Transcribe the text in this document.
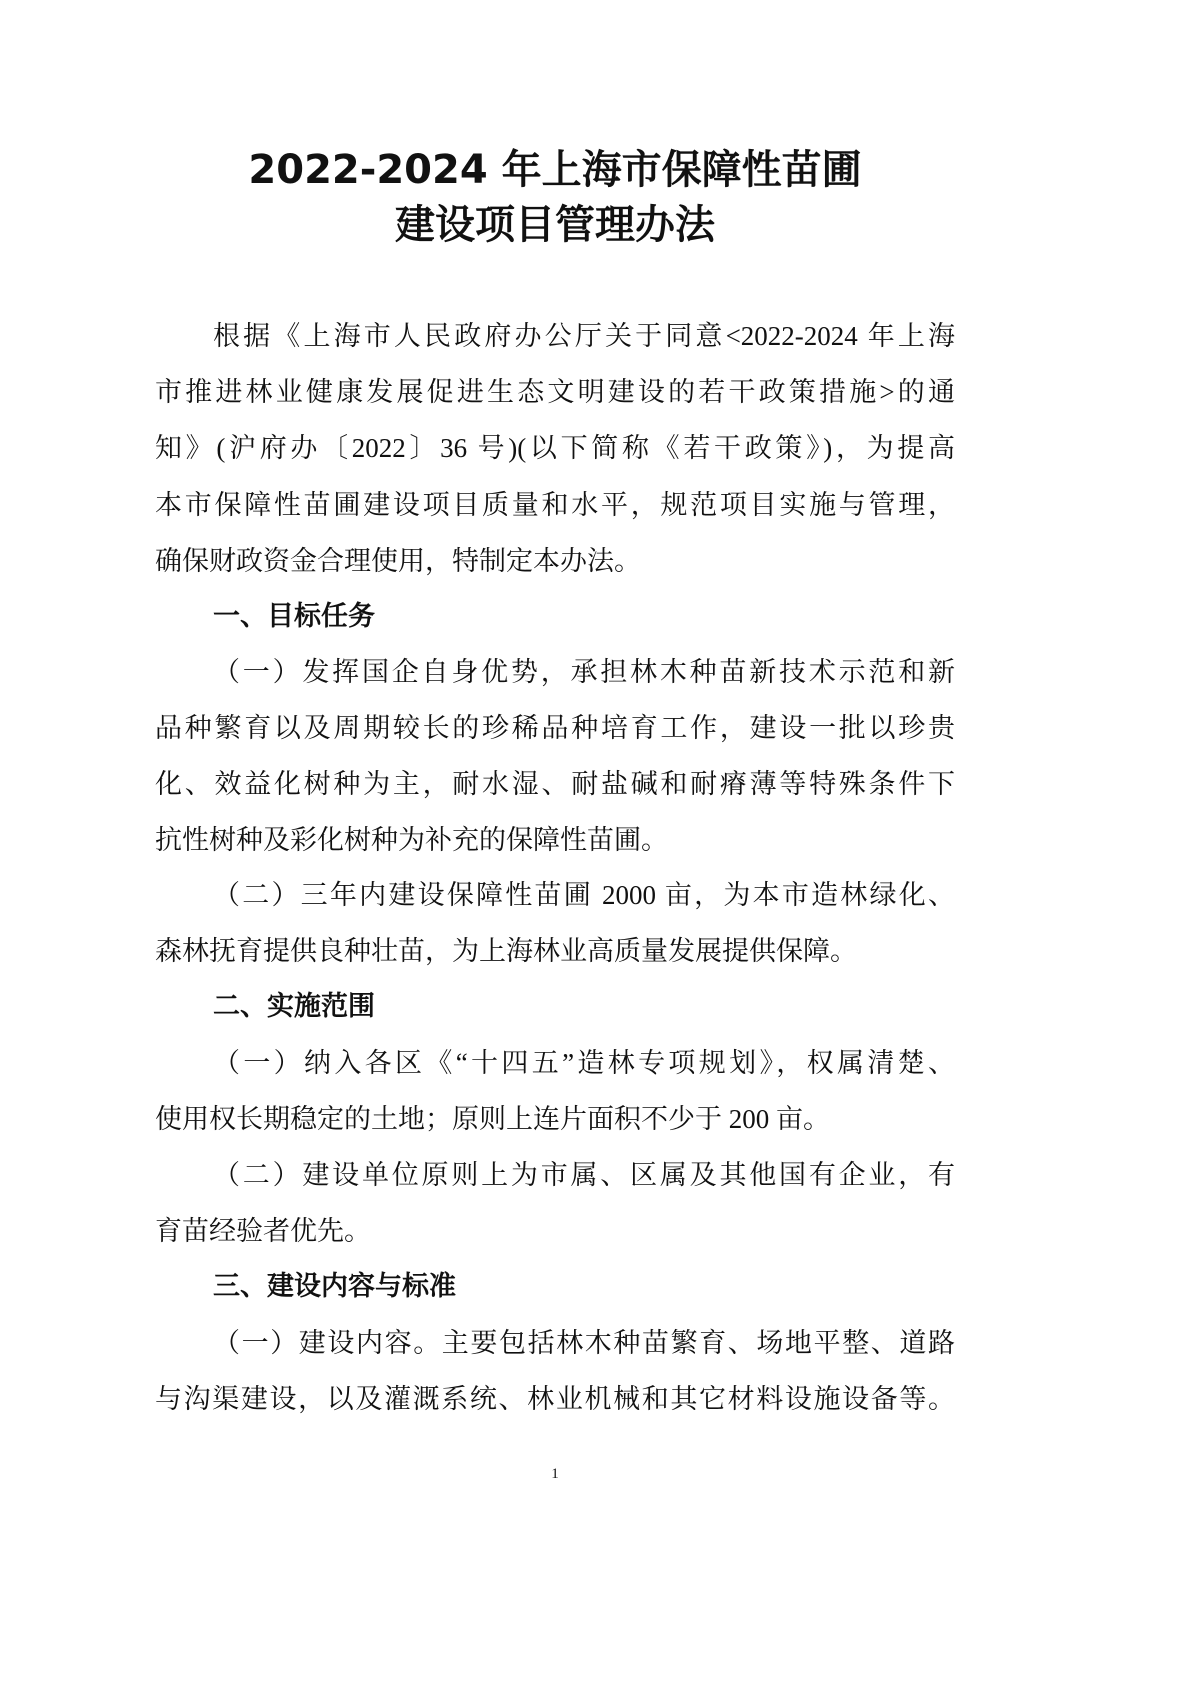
2022-2024 年上海市保障性苗圃
建设项目管理办法
根据《上海市人民政府办公厅关于同意<2022-2024 年上海
市推进林业健康发展促进生态文明建设的若干政策措施>的通
知》(沪府办〔2022〕36 号)(以下简称《若干政策》)，为提高
本市保障性苗圃建设项目质量和水平，规范项目实施与管理，
确保财政资金合理使用，特制定本办法。
一、目标任务
（一）发挥国企自身优势，承担林木种苗新技术示范和新
品种繁育以及周期较长的珍稀品种培育工作，建设一批以珍贵
化、效益化树种为主，耐水湿、耐盐碱和耐瘠薄等特殊条件下
抗性树种及彩化树种为补充的保障性苗圃。
（二）三年内建设保障性苗圃 2000 亩，为本市造林绿化、
森林抚育提供良种壮苗，为上海林业高质量发展提供保障。
二、实施范围
（一）纳入各区《“十四五”造林专项规划》，权属清楚、
使用权长期稳定的土地；原则上连片面积不少于 200 亩。
（二）建设单位原则上为市属、区属及其他国有企业，有
育苗经验者优先。
三、建设内容与标准
（一）建设内容。主要包括林木种苗繁育、场地平整、道路
与沟渠建设，以及灌溉系统、林业机械和其它材料设施设备等。
1
